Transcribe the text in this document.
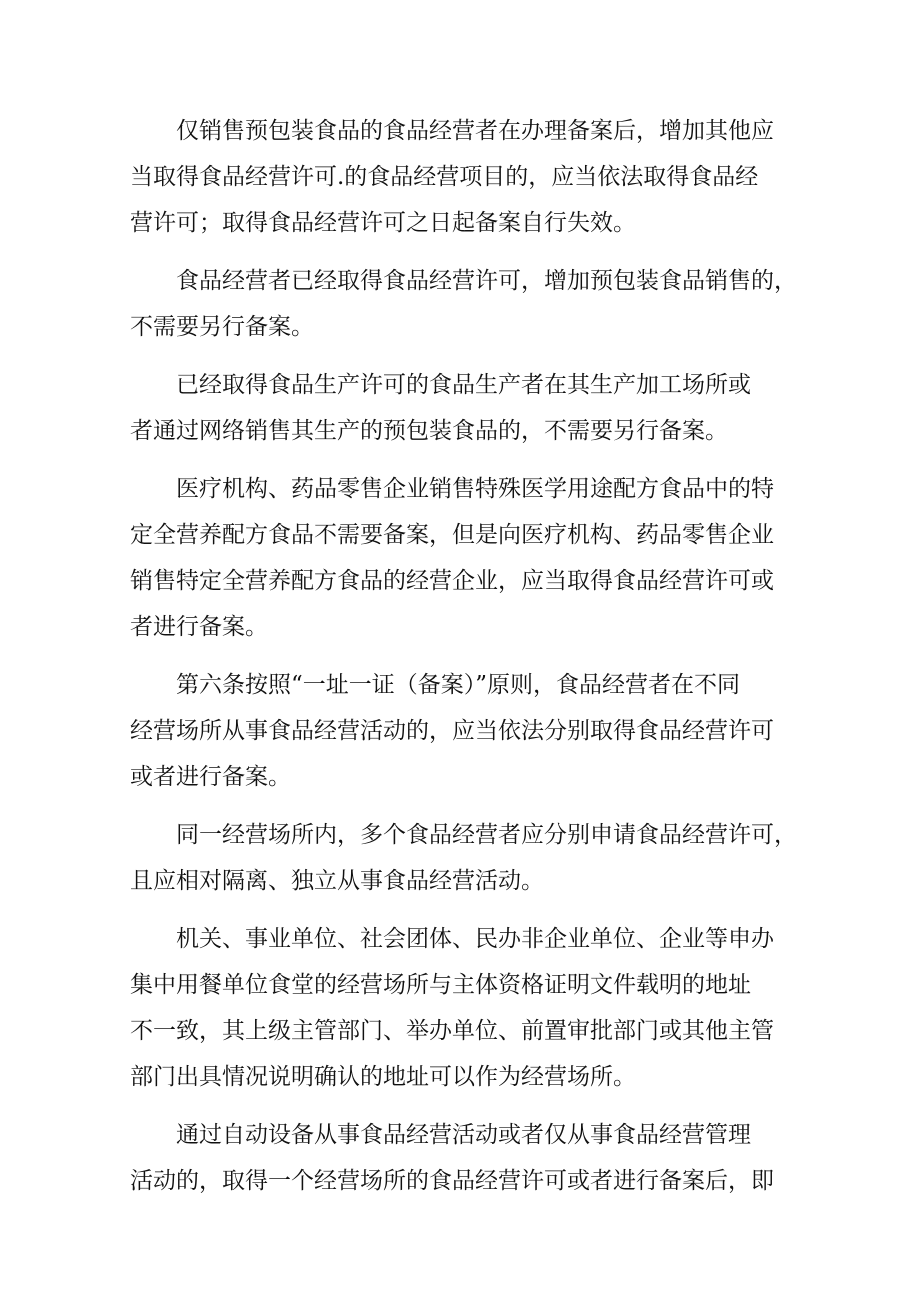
仅销售预包装食品的食品经营者在办理备案后，增加其他应
当取得食品经营许可.的食品经营项目的，应当依法取得食品经
营许可；取得食品经营许可之日起备案自行失效。

食品经营者已经取得食品经营许可，增加预包装食品销售的，
不需要另行备案。

已经取得食品生产许可的食品生产者在其生产加工场所或
者通过网络销售其生产的预包装食品的，不需要另行备案。

医疗机构、药品零售企业销售特殊医学用途配方食品中的特
定全营养配方食品不需要备案，但是向医疗机构、药品零售企业
销售特定全营养配方食品的经营企业，应当取得食品经营许可或
者进行备案。

第六条按照“一址一证（备案）”原则，食品经营者在不同
经营场所从事食品经营活动的，应当依法分别取得食品经营许可
或者进行备案。

同一经营场所内，多个食品经营者应分别申请食品经营许可，
且应相对隔离、独立从事食品经营活动。

机关、事业单位、社会团体、民办非企业单位、企业等申办
集中用餐单位食堂的经营场所与主体资格证明文件载明的地址
不一致，其上级主管部门、举办单位、前置审批部门或其他主管
部门出具情况说明确认的地址可以作为经营场所。

通过自动设备从事食品经营活动或者仅从事食品经营管理
活动的，取得一个经营场所的食品经营许可或者进行备案后，即
